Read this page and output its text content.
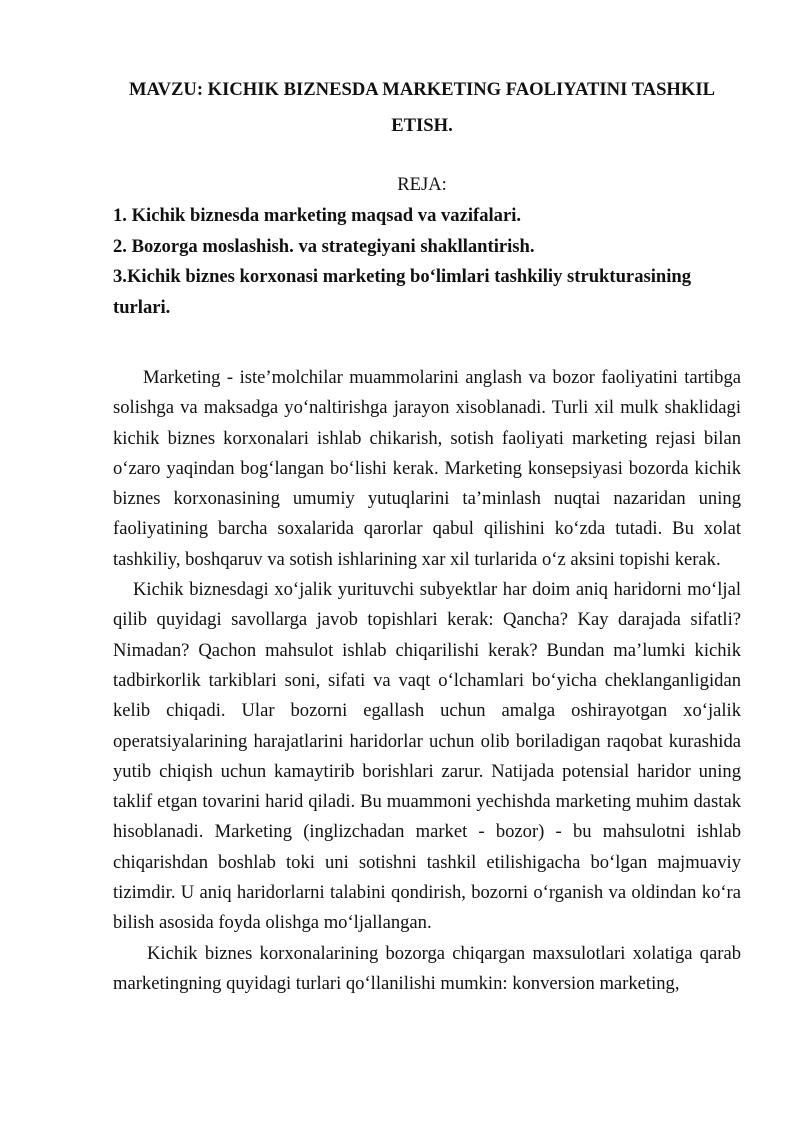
MAVZU: KICHIK BIZNESDA MARKETING FAOLIYATINI TASHKIL ETISH.
REJA:
1. Kichik biznesda marketing maqsad va vazifalari.
2. Bozorga moslashish. va strategiyani shakllantirish.
3.Kichik biznes korxonasi marketing bo‘limlari tashkiliy strukturasining turlari.

Marketing - iste’molchilar muammolarini anglash va bozor faoliyatini tartibga solishga va maksadga yo‘naltirishga jarayon xisoblanadi. Turli xil mulk shaklidagi kichik biznes korxonalari ishlab chikarish, sotish faoliyati marketing rejasi bilan o‘zaro yaqindan bog‘langan bo‘lishi kerak. Marketing konsepsiyasi bozorda kichik biznes korxonasining umumiy yutuqlarini ta’minlash nuqtai nazaridan uning faoliyatining barcha soxalarida qarorlar qabul qilishini ko‘zda tutadi. Bu xolat tashkiliy, boshqaruv va sotish ishlarining xar xil turlarida o‘z aksini topishi kerak.

Kichik biznesdagi xo‘jalik yurituvchi subyektlar har doim aniq haridorni mo‘ljal qilib quyidagi savollarga javob topishlari kerak: Qancha? Kay darajada sifatli? Nimadan? Qachon mahsulot ishlab chiqarilishi kerak? Bundan ma’lumki kichik tadbirkorlik tarkiblari soni, sifati va vaqt o‘lchamlari bo‘yicha cheklanganligidan kelib chiqadi. Ular bozorni egallash uchun amalga oshirayotgan xo‘jalik operatsiyalarining harajatlarini haridorlar uchun olib boriladigan raqobat kurashida yutib chiqish uchun kamaytirib borishlari zarur. Natijada potensial haridor uning taklif etgan tovarini harid qiladi. Bu muammoni yechishda marketing muhim dastak hisoblanadi. Marketing (inglizchadan market - bozor) - bu mahsulotni ishlab chiqarishdan boshlab toki uni sotishni tashkil etilishigacha bo‘lgan majmuaviy tizimdir. U aniq haridorlarni talabini qondirish, bozorni o‘rganish va oldindan ko‘ra bilish asosida foyda olishga mo‘ljallangan.

Kichik biznes korxonalarining bozorga chiqargan maxsulotlari xolatiga qarab marketingning quyidagi turlari qo‘llanilishi mumkin: konversion marketing,
